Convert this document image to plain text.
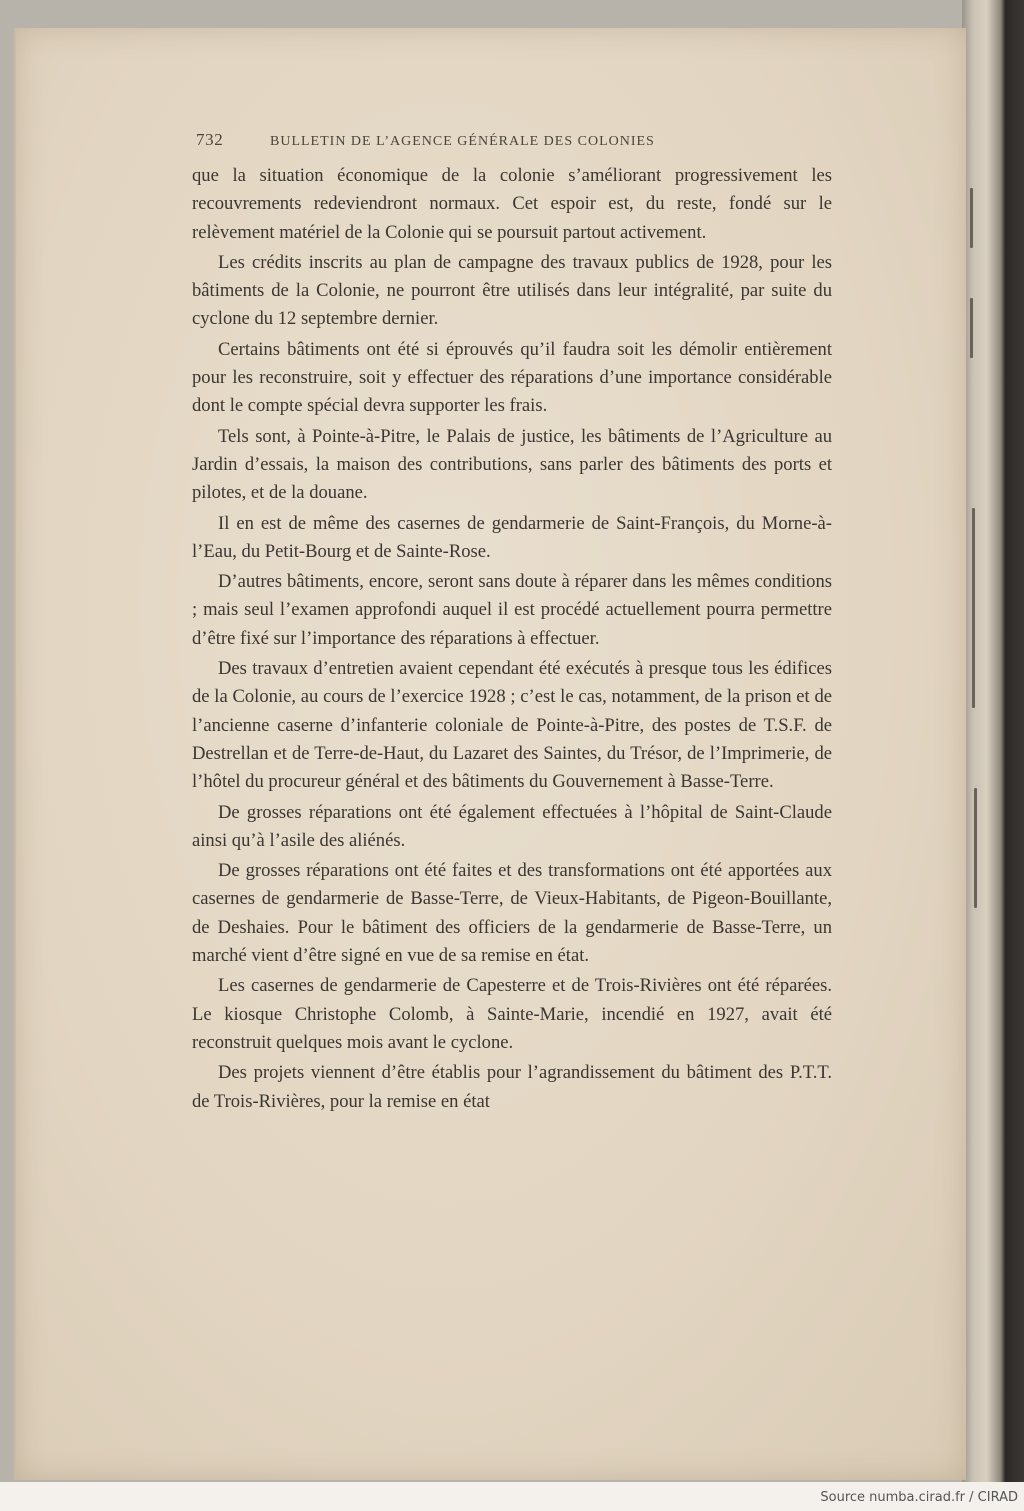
732	BULLETIN DE L’AGENCE GÉNÉRALE DES COLONIES

que la situation économique de la colonie s’améliorant progressivement les recouvrements redeviendront normaux. Cet espoir est, du reste, fondé sur le relèvement matériel de la Colonie qui se poursuit partout activement.

Les crédits inscrits au plan de campagne des travaux publics de 1928, pour les bâtiments de la Colonie, ne pourront être utilisés dans leur intégralité, par suite du cyclone du 12 septembre dernier.

Certains bâtiments ont été si éprouvés qu’il faudra soit les démolir entièrement pour les reconstruire, soit y effectuer des réparations d’une importance considérable dont le compte spécial devra supporter les frais.

Tels sont, à Pointe-à-Pitre, le Palais de justice, les bâtiments de l’Agriculture au Jardin d’essais, la maison des contributions, sans parler des bâtiments des ports et pilotes, et de la douane.

Il en est de même des casernes de gendarmerie de Saint-François, du Morne-à-l’Eau, du Petit-Bourg et de Sainte-Rose.

D’autres bâtiments, encore, seront sans doute à réparer dans les mêmes conditions ; mais seul l’examen approfondi auquel il est procédé actuellement pourra permettre d’être fixé sur l’importance des réparations à effectuer.

Des travaux d’entretien avaient cependant été exécutés à presque tous les édifices de la Colonie, au cours de l’exercice 1928 ; c’est le cas, notamment, de la prison et de l’ancienne caserne d’infanterie coloniale de Pointe-à-Pitre, des postes de T.S.F. de Destrellan et de Terre-de-Haut, du Lazaret des Saintes, du Trésor, de l’Imprimerie, de l’hôtel du procureur général et des bâtiments du Gouvernement à Basse-Terre.

De grosses réparations ont été également effectuées à l’hôpital de Saint-Claude ainsi qu’à l’asile des aliénés.

De grosses réparations ont été faites et des transformations ont été apportées aux casernes de gendarmerie de Basse-Terre, de Vieux-Habitants, de Pigeon-Bouillante, de Deshaies. Pour le bâtiment des officiers de la gendarmerie de Basse-Terre, un marché vient d’être signé en vue de sa remise en état.

Les casernes de gendarmerie de Capesterre et de Trois-Rivières ont été réparées. Le kiosque Christophe Colomb, à Sainte-Marie, incendié en 1927, avait été reconstruit quelques mois avant le cyclone.

Des projets viennent d’être établis pour l’agrandissement du bâtiment des P.T.T. de Trois-Rivières, pour la remise en état

Source numba.cirad.fr / CIRAD
